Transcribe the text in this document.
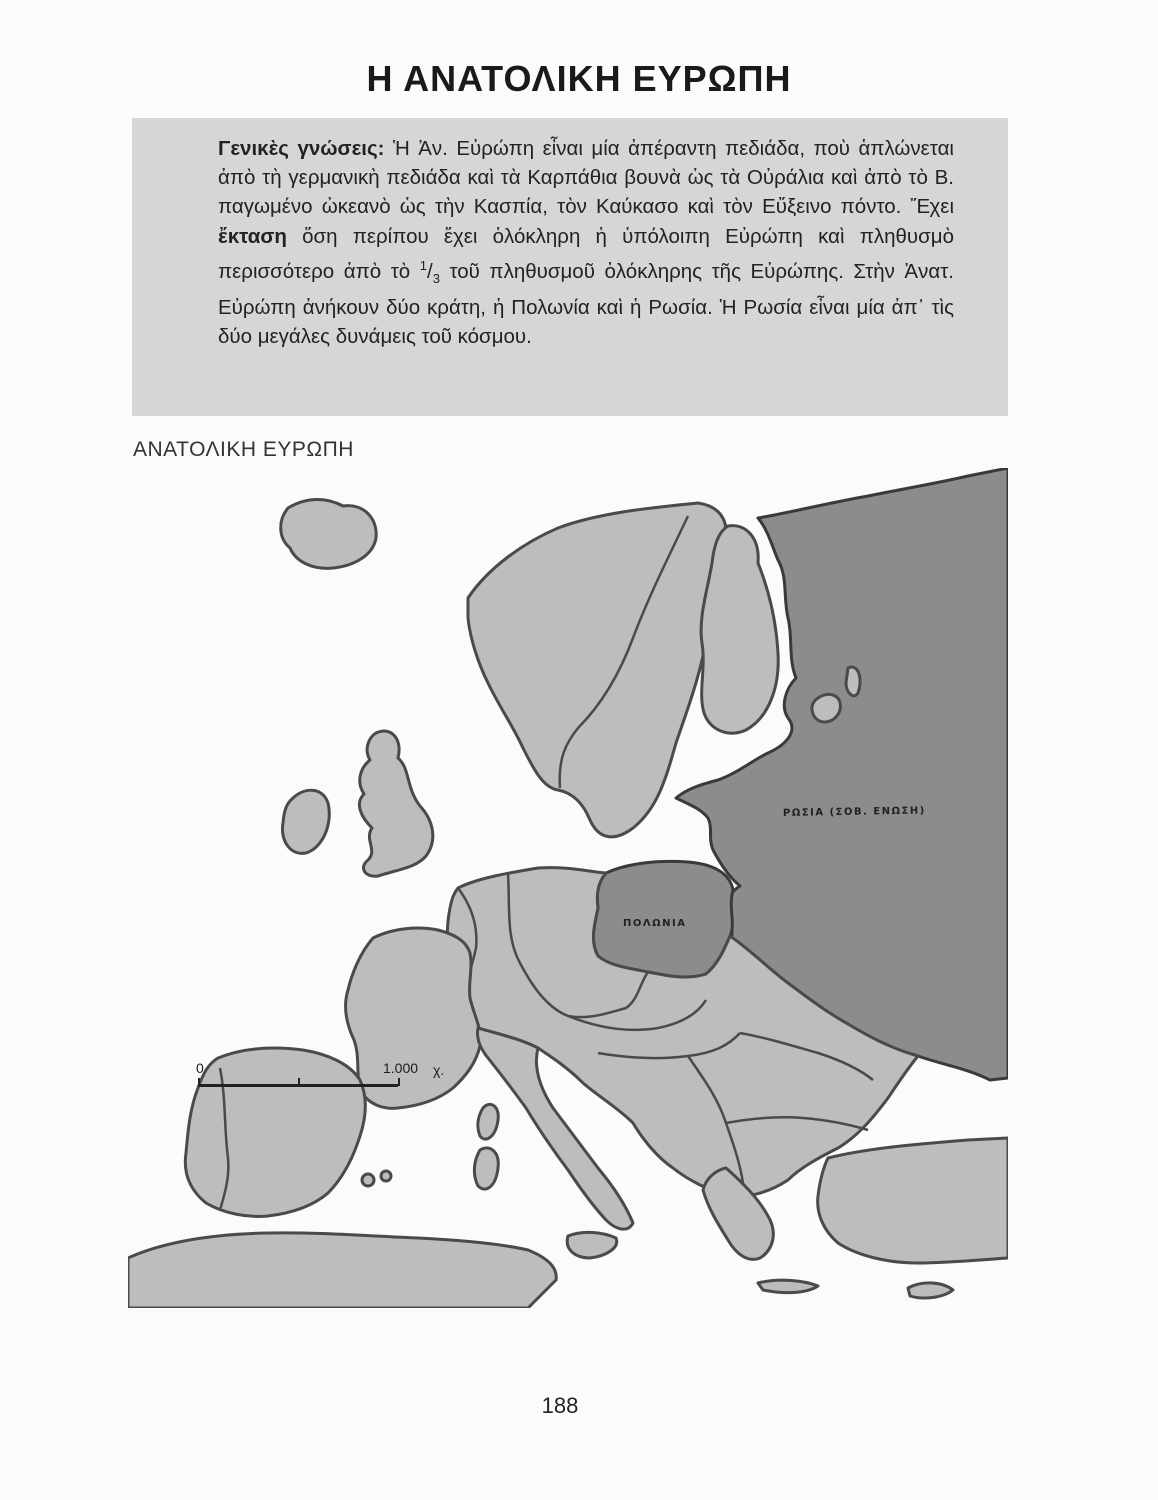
Η ΑΝΑΤΟΛΙΚΗ ΕΥΡΩΠΗ
Γενικὲς γνώσεις: Ἡ Ἀν. Εὐρώπη εἶναι μία ἀπέραντη πεδιάδα, ποὺ ἁπλώνεται ἀπὸ τὴ γερμανικὴ πεδιάδα καὶ τὰ Καρπάθια βουνὰ ὡς τὰ Οὐράλια καὶ ἀπὸ τὸ Β. παγωμένο ὠκεανὸ ὡς τὴν Κασπία, τὸν Καύκασο καὶ τὸν Εὔξεινο πόντο. Ἔχει ἔκταση ὅση περίπου ἔχει ὁλόκληρη ἡ ὑπόλοιπη Εὐρώπη καὶ πληθυσμὸ περισσότερο ἀπὸ τὸ $^1/_3$ τοῦ πληθυσμοῦ ὁλόκληρης τῆς Εὐρώπης. Στὴν Ἀνατ. Εὐρώπη ἀνήκουν δύο κράτη, ἡ Πολωνία καὶ ἡ Ρωσία. Ἡ Ρωσία εἶναι μία ἀπ᾽ τὶς δύο μεγάλες δυνάμεις τοῦ κόσμου.
ΑΝΑΤΟΛΙΚΗ ΕΥΡΩΠΗ
ΡΩΣΙΑ (ΣΟΒ. ΕΝΩΣΗ)
ΠΟΛΩΝΙΑ
0	1.000 χ.
188
